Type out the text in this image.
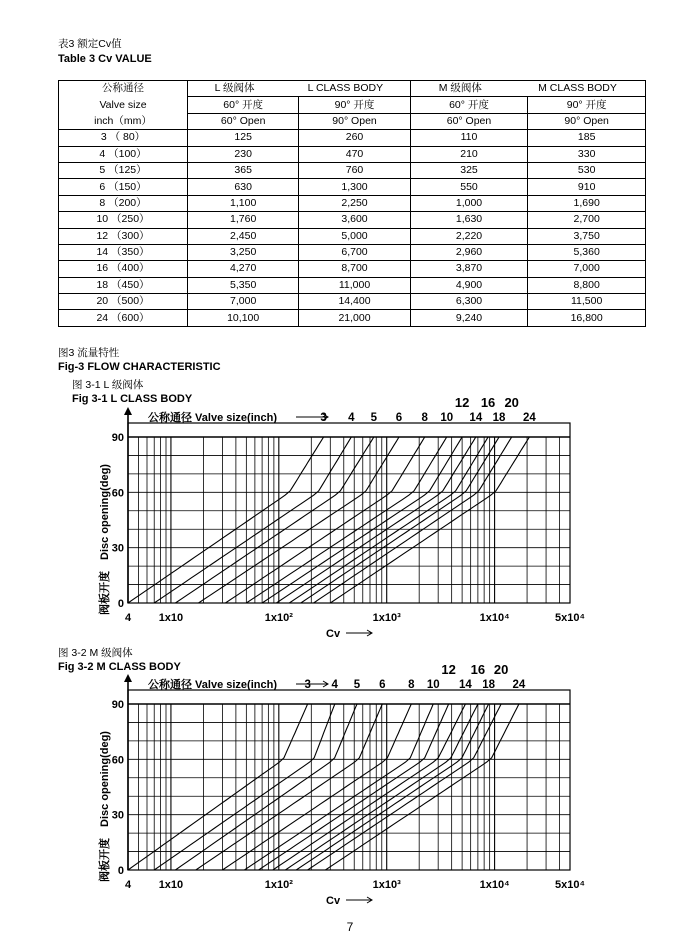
表3 额定Cv值
Table 3 Cv VALUE
公称通径	L 级阀体 L CLASS BODY		M 级阀体 M CLASS BODY	

Valve size	60° 开度	90° 开度	60° 开度	90° 开度
inch（mm）	60° Open	90° Open	60° Open	90° Open
3 （ 80）	125	260	110	185
4 （100）	230	470	210	330
5 （125）	365	760	325	530
6 （150）	630	1,300	550	910
8 （200）	1,100	2,250	1,000	1,690
10 （250）	1,760	3,600	1,630	2,700
12 （300）	2,450	5,000	2,220	3,750
14 （350）	3,250	6,700	2,960	5,360
16 （400）	4,270	8,700	3,870	7,000
18 （450）	5,350	11,000	4,900	8,800
20 （500）	7,000	14,400	6,300	11,500
24 （600）	10,100	21,000	9,240	16,800
图3 流量特性
Fig-3 FLOW CHARACTERISTIC
图 3-1 L 级阀体
Fig 3-1 L CLASS BODY
3 4 5 6 8 10
12
14
16
18
20
24
公称通径 Valve size(inch)
0
30
60
90
4	1x10	1x10²	1x10³	1x10⁴	5x10⁴
Cv
Disc opening(deg)
阀板开度
图 3-2 M 级阀体
Fig 3-2 M CLASS BODY
3 4 5 6 8 10
12
14
16
18
20
24
公称通径 Valve size(inch)
0
30
60
90
4	1x10	1x10²	1x10³	1x10⁴	5x10⁴
Cv
Disc opening(deg)
阀板开度
7
